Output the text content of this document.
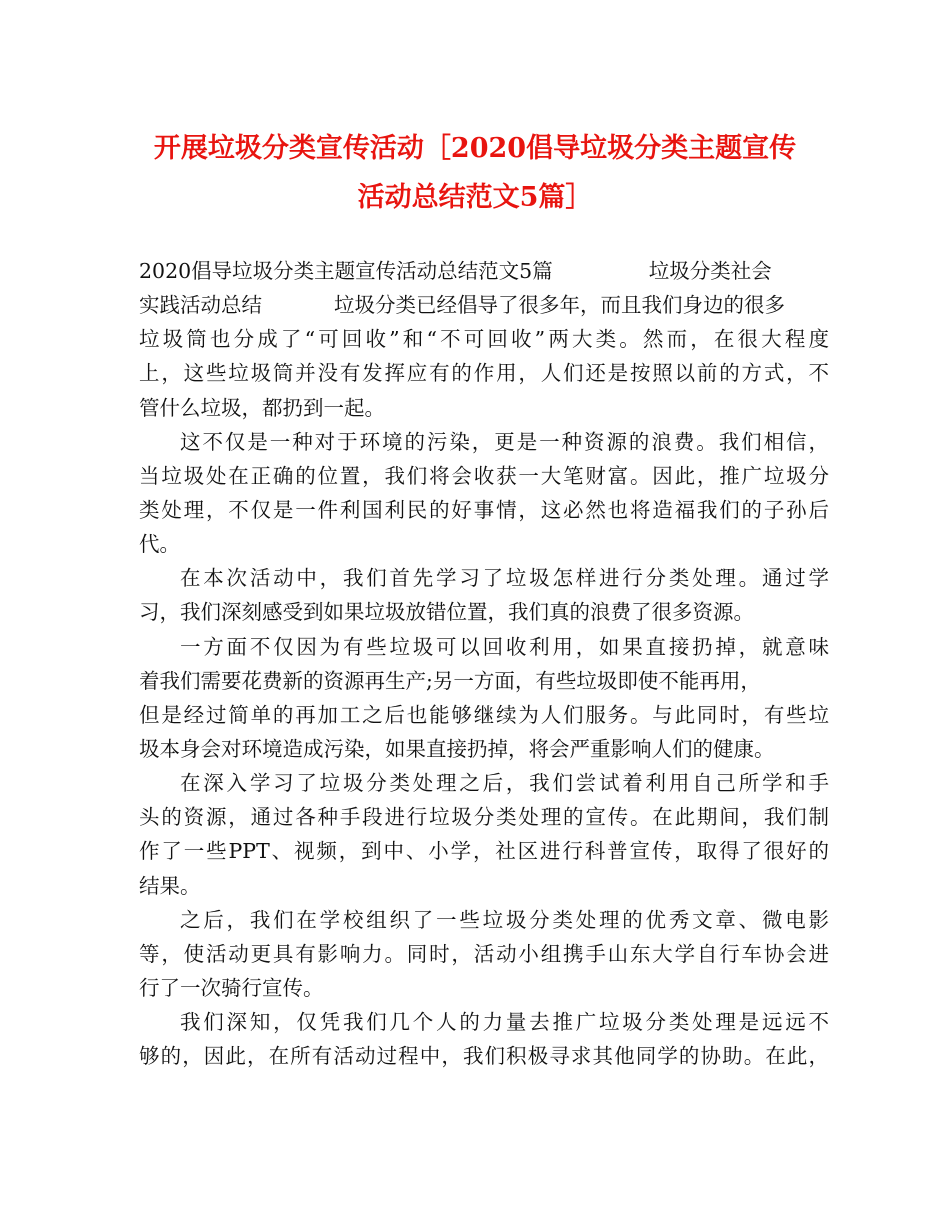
开展垃圾分类宣传活动［2020倡导垃圾分类主题宣传
活动总结范文5篇］
2020倡导垃圾分类主题宣传活动总结范文5篇	垃圾分类社会
实践活动总结	垃圾分类已经倡导了很多年，而且我们身边的很多
垃圾筒也分成了“可回收”和“不可回收”两大类。然而，在很大程度
上，这些垃圾筒并没有发挥应有的作用，人们还是按照以前的方式，不
管什么垃圾，都扔到一起。
这不仅是一种对于环境的污染，更是一种资源的浪费。我们相信，
当垃圾处在正确的位置，我们将会收获一大笔财富。因此，推广垃圾分
类处理，不仅是一件利国利民的好事情，这必然也将造福我们的子孙后
代。
在本次活动中，我们首先学习了垃圾怎样进行分类处理。通过学
习，我们深刻感受到如果垃圾放错位置，我们真的浪费了很多资源。
一方面不仅因为有些垃圾可以回收利用，如果直接扔掉，就意味
着我们需要花费新的资源再生产;另一方面，有些垃圾即使不能再用，
但是经过简单的再加工之后也能够继续为人们服务。与此同时，有些垃
圾本身会对环境造成污染，如果直接扔掉，将会严重影响人们的健康。
在深入学习了垃圾分类处理之后，我们尝试着利用自己所学和手
头的资源，通过各种手段进行垃圾分类处理的宣传。在此期间，我们制
作了一些PPT、视频，到中、小学，社区进行科普宣传，取得了很好的
结果。
之后，我们在学校组织了一些垃圾分类处理的优秀文章、微电影
等，使活动更具有影响力。同时，活动小组携手山东大学自行车协会进
行了一次骑行宣传。
我们深知，仅凭我们几个人的力量去推广垃圾分类处理是远远不
够的，因此，在所有活动过程中，我们积极寻求其他同学的协助。在此，
